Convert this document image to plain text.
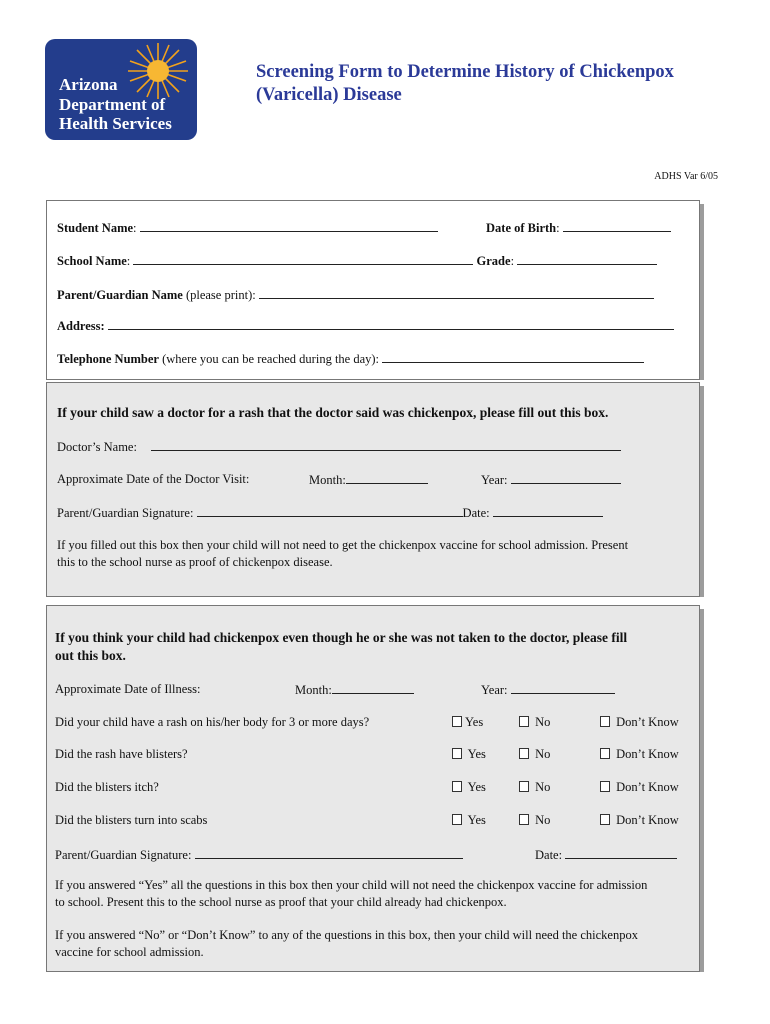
Arizona
Department of
Health Services
Screening Form to Determine History of Chickenpox
(Varicella) Disease
ADHS Var 6/05
Student Name:	Date of Birth:
School Name:	Grade:
Parent/Guardian Name (please print):
Address:
Telephone Number (where you can be reached during the day):
If your child saw a doctor for a rash that the doctor said was chickenpox, please fill out this box.
Doctor’s Name:
Approximate Date of the Doctor Visit:	Month:	Year:
Parent/Guardian Signature:	Date:
If you filled out this box then your child will not need to get the chickenpox vaccine for school admission. Present
this to the school nurse as proof of chickenpox disease.
If you think your child had chickenpox even though he or she was not taken to the doctor, please fill
out this box.
Approximate Date of Illness:	Month:	Year:
Did your child have a rash on his/her body for 3 or more days?	Yes	No	Don’t Know
Did the rash have blisters?	Yes	No	Don’t Know
Did the blisters itch?	Yes	No	Don’t Know
Did the blisters turn into scabs	Yes	No	Don’t Know
Parent/Guardian Signature:	Date:
If you answered “Yes” all the questions in this box then your child will not need the chickenpox vaccine for admission
to school. Present this to the school nurse as proof that your child already had chickenpox.
If you answered “No” or “Don’t Know” to any of the questions in this box, then your child will need the chickenpox
vaccine for school admission.
